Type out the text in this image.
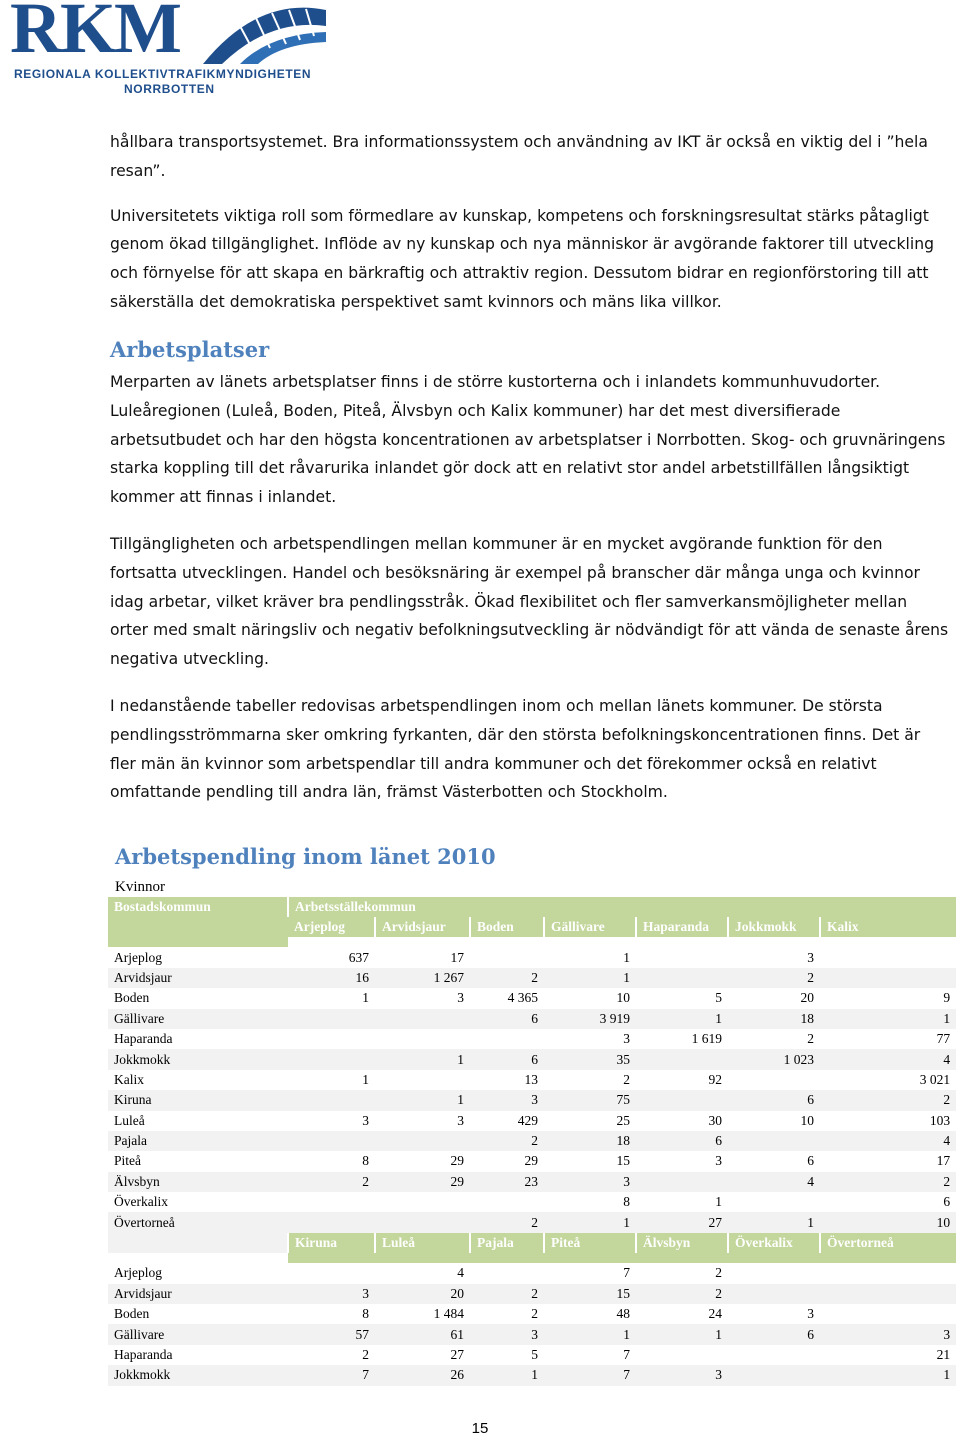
RKM
REGIONALA KOLLEKTIVTRAFIKMYNDIGHETEN
NORRBOTTEN

hållbara transportsystemet. Bra informationssystem och användning av IKT är också en viktig del i ”hela resan”.

Universitetets viktiga roll som förmedlare av kunskap, kompetens och forskningsresultat stärks påtagligt genom ökad tillgänglighet. Inflöde av ny kunskap och nya människor är avgörande faktorer till utveckling och förnyelse för att skapa en bärkraftig och attraktiv region. Dessutom bidrar en regionförstoring till att säkerställa det demokratiska perspektivet samt kvinnors och mäns lika villkor.

Arbetsplatser

Merparten av länets arbetsplatser finns i de större kustorterna och i inlandets kommunhuvudorter. Luleåregionen (Luleå, Boden, Piteå, Älvsbyn och Kalix kommuner) har det mest diversifierade arbetsutbudet och har den högsta koncentrationen av arbetsplatser i Norrbotten. Skog- och gruvnäringens starka koppling till det råvarurika inlandet gör dock att en relativt stor andel arbetstillfällen långsiktigt kommer att finnas i inlandet.

Tillgängligheten och arbetspendlingen mellan kommuner är en mycket avgörande funktion för den fortsatta utvecklingen. Handel och besöksnäring är exempel på branscher där många unga och kvinnor idag arbetar, vilket kräver bra pendlingsstråk. Ökad flexibilitet och fler samverkansmöjligheter mellan orter med smalt näringsliv och negativ befolkningsutveckling är nödvändigt för att vända de senaste årens negativa utveckling.

I nedanstående tabeller redovisas arbetspendlingen inom och mellan länets kommuner. De största pendlingsströmmarna sker omkring fyrkanten, där den största befolkningskoncentrationen finns. Det är fler män än kvinnor som arbetspendlar till andra kommuner och det förekommer också en relativt omfattande pendling till andra län, främst Västerbotten och Stockholm.

Arbetspendling inom länet 2010
Kvinnor
Bostadskommun	Arbetsställekommun						
	Arjeplog	Arvidsjaur	Boden	Gällivare	Haparanda	Jokkmokk	Kalix

Arjeplog	637	17		1		3	
Arvidsjaur	16	1 267	2	1		2	
Boden	1	3	4 365	10	5	20	9
Gällivare			6	3 919	1	18	1
Haparanda				3	1 619	2	77
Jokkmokk		1	6	35		1 023	4
Kalix	1		13	2	92		3 021
Kiruna		1	3	75		6	2
Luleå	3	3	429	25	30	10	103
Pajala			2	18	6		4
Piteå	8	29	29	15	3	6	17
Älvsbyn	2	29	23	3		4	2
Överkalix				8	1		6
Övertorneå			2	1	27	1	10
	Kiruna	Luleå	Pajala	Piteå	Älvsbyn	Överkalix	Övertorneå

Arjeplog		4		7	2		
Arvidsjaur	3	20	2	15	2		
Boden	8	1 484	2	48	24	3	
Gällivare	57	61	3	1	1	6	3
Haparanda	2	27	5	7			21
Jokkmokk	7	26	1	7	3		1
15
